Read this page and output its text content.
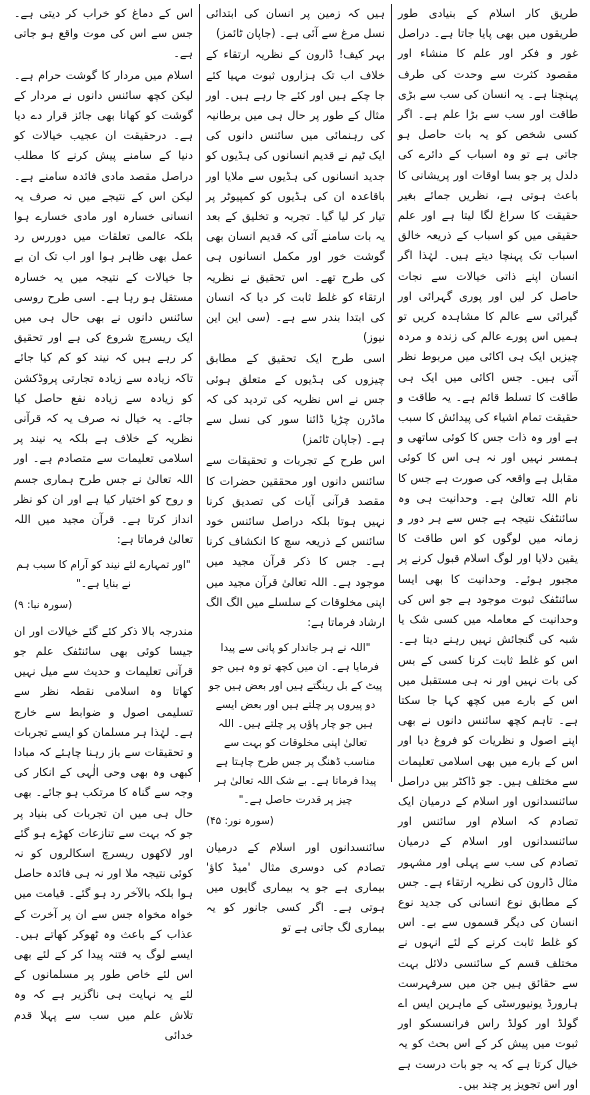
طریق کار اسلام کے بنیادی طور طریقوں میں بھی پایا جاتا ہے۔ دراصل غور و فکر اور علم کا منشاء اور مقصود کثرت سے وحدت کی طرف پہنچنا ہے۔ یہ انسان کی سب سے بڑی طاقت اور سب سے بڑا علم ہے۔ اگر کسی شخص کو یہ بات حاصل ہو جاتی ہے تو وہ اسباب کے دائرے کی دلدل پر جو بسا اوقات اور پریشانی کا باعث ہوتی ہے، نظریں جمائے بغیر حقیقت کا سراغ لگا لیتا ہے اور علم حقیقی میں کو اسباب کے ذریعہ خالق اسباب تک پہنچا دیتے ہیں۔ لہٰذا اگر انسان اپنے ذاتی خیالات سے نجات حاصل کر لیں اور پوری گہرائی اور گیرائی سے عالم کا مشاہدہ کریں تو ہمیں اس پورے عالم کی زندہ و مردہ چیزیں ایک ہی اکائی میں مربوط نظر آتی ہیں۔ جس اکائی میں ایک ہی طاقت کا تسلط قائم ہے۔ یہ طاقت و حقیقت تمام اشیاء کی پیدائش کا سبب ہے اور وہ ذات جس کا کوئی ساتھی و ہمسر نہیں اور نہ ہی اس کا کوئی مقابل ہے واقعہ کی صورت ہے جس کا نام اللہ تعالیٰ ہے۔ وحدانیت ہی وہ سائنٹفک نتیجہ ہے جس سے ہر دور و زمانہ میں لوگوں کو اس طاقت کا یقین دلایا اور لوگ اسلام قبول کرنے پر مجبور ہوئے۔ وحدانیت کا بھی ایسا سائنٹفک ثبوت موجود ہے جو اس کی وحدانیت کے معاملہ میں کسی شک یا شبہ کی گنجائش نہیں رہنے دیتا ہے۔ اس کو غلط ثابت کرنا کسی کے بس کی بات نہیں اور نہ ہی مستقبل میں اس کے بارے میں کچھ کہا جا سکتا ہے۔ تاہم کچھ سائنس دانوں نے بھی اپنے اصول و نظریات کو فروغ دیا اور اس کے بارے میں بھی اسلامی تعلیمات سے مختلف ہیں۔ جو ڈاکٹر بیں دراصل سائنسدانوں اور اسلام کے درمیان ایک تصادم کہ اسلام اور سائنس اور سائنسدانوں اور اسلام کے درمیان تصادم کی سب سے پہلی اور مشہور مثال ڈارون کی نظریہ ارتقاء ہے۔ جس کے مطابق نوع انسانی کی جدید نوع انسان کی دیگر قسموں سے بے۔ اس کو غلط ثابت کرنے کے لئے انہوں نے مختلف قسم کے سائنسی دلائل بہت سے حقائق ہیں جن میں سرفہرست ہارورڈ یونیورسٹی کے ماہرین ایس اے گولڈ اور کولڈ راس فرانسسکو اور ثبوت میں پیش کر کے اس بحث کو یہ خیال کرتا ہے کہ یہ جو بات درست ہے اور اس تجویز پر چند بیں۔

ہیں کہ زمین پر انسان کی ابتدائی نسل مرغ سے آئی ہے۔ (جاپان ٹائمز)

بہر کیف! ڈارون کے نظریہ ارتقاء کے خلاف اب تک ہزاروں ثبوت مہیا کئے جا چکے ہیں اور کئے جا رہے ہیں۔ اور مثال کے طور پر حال ہی میں برطانیہ کی رہنمائی میں سائنس دانوں کی ایک ٹیم نے قدیم انسانوں کی ہڈیوں کو جدید انسانوں کی ہڈیوں سے ملایا اور باقاعدہ ان کی ہڈیوں کو کمپیوٹر پر تیار کر لیا گیا۔ تجربہ و تخلیق کے بعد یہ بات سامنے آئی کہ قدیم انسان بھی گوشت خور اور مکمل انسانوں ہی کی طرح تھے۔ اس تحقیق نے نظریہ ارتقاء کو غلط ثابت کر دیا کہ انسان کی ابتدا بندر سے ہے۔ (سی این این نیوز)

اسی طرح ایک تحقیق کے مطابق چیزوں کی ہڈیوں کے متعلق ہوئی جس نے اس نظریہ کی تردید کی کہ ماڈرن چڑیا ڈائنا سور کی نسل سے ہے۔ (جاپان ٹائمز)

اس طرح کے تجربات و تحقیقات سے سائنس دانوں اور محققین حضرات کا مقصد قرآنی آیات کی تصدیق کرنا نہیں ہوتا بلکہ دراصل سائنس خود سائنس کے ذریعہ سچ کا انکشاف کرنا ہے۔ جس کا ذکر قرآن مجید میں موجود ہے۔ اللہ تعالیٰ قرآن مجید میں اپنی مخلوقات کے سلسلے میں الگ الگ ارشاد فرماتا ہے:

"اللہ نے ہر جاندار کو پانی سے پیدا فرمایا ہے۔ ان میں کچھ تو وہ ہیں جو پیٹ کے بل رینگتے ہیں اور بعض ہیں جو دو پیروں پر چلتے ہیں اور بعض ایسے ہیں جو چار پاؤں پر چلتے ہیں۔ اللہ تعالیٰ اپنی مخلوقات کو بہت سے مناسب ڈھنگ پر جس طرح چاہتا ہے پیدا فرماتا ہے۔ بے شک اللہ تعالیٰ ہر چیز پر قدرت حاصل ہے۔"

(سورہ نور: ۴۵)

سائنسدانوں اور اسلام کے درمیان تصادم کی دوسری مثال 'میڈ کاؤ' بیماری ہے جو یہ بیماری گایوں میں ہوتی ہے۔ اگر کسی جانور کو یہ بیماری لگ جاتی ہے تو

اس کے دماغ کو خراب کر دیتی ہے۔ جس سے اس کی موت واقع ہو جاتی ہے۔

اسلام میں مردار کا گوشت حرام ہے۔ لیکن کچھ سائنس دانوں نے مردار کے گوشت کو کھانا بھی جائز قرار دے دیا ہے۔ درحقیقت ان عجیب خیالات کو دنیا کے سامنے پیش کرنے کا مطلب دراصل مقصد مادی فائدہ سامنے ہے۔ لیکن اس کے نتیجے میں نہ صرف یہ انسانی خسارہ اور مادی خسارے ہوا بلکہ عالمی تعلقات میں دوررس رد عمل بھی ظاہر ہوا اور اب تک ان بے جا خیالات کے نتیجہ میں یہ خسارہ مستقل ہو رہا ہے۔ اسی طرح روسی سائنس دانوں نے بھی حال ہی میں ایک ریسرچ شروع کی ہے اور تحقیق کر رہے ہیں کہ نیند کو کم کیا جائے تاکہ زیادہ سے زیادہ تجارتی پروڈکشن کو زیادہ سے زیادہ نفع حاصل کیا جائے۔ یہ خیال نہ صرف یہ کہ قرآنی نظریہ کے خلاف ہے بلکہ یہ نیند پر اسلامی تعلیمات سے متصادم ہے۔ اور اللہ تعالیٰ نے جس طرح ہماری جسم و روح کو اختیار کیا ہے اور ان کو نظر انداز کرتا ہے۔ قرآن مجید میں اللہ تعالیٰ فرماتا ہے:

"اور تمہارے لئے نیند کو آرام کا سبب ہم نے بنایا ہے۔"

(سورہ نبا: ۹)

مندرجہ بالا ذکر کئے گئے خیالات اور ان جیسا کوئی بھی سائنٹفک علم جو قرآنی تعلیمات و حدیث سے میل نہیں کھاتا وہ اسلامی نقطہ نظر سے تسلیمی اصول و ضوابط سے خارج ہے۔ لہٰذا ہر مسلمان کو ایسے تجربات و تحقیقات سے باز رہنا چاہئے کہ مبادا کبھی وہ بھی وحی الٰہی کے انکار کی وجہ سے گناہ کا مرتکب ہو جائے۔ بھی حال ہی میں ان تجربات کی بنیاد پر جو کہ بہت سے تنازعات کھڑے ہو گئے اور لاکھوں ریسرچ اسکالروں کو نہ کوئی نتیجہ ملا اور نہ ہی فائدہ حاصل ہوا بلکہ بالآخر رد ہو گئے۔ قیامت میں خواہ مخواہ جس سے ان پر آخرت کے عذاب کے باعث وہ ٹھوکر کھاتے ہیں۔ ایسے لوگ یہ فتنہ پیدا کر کے لئے بھی اس لئے خاص طور پر مسلمانوں کے لئے یہ نہایت ہی ناگزیر ہے کہ وہ تلاش علم میں سب سے پہلا قدم خدائی
